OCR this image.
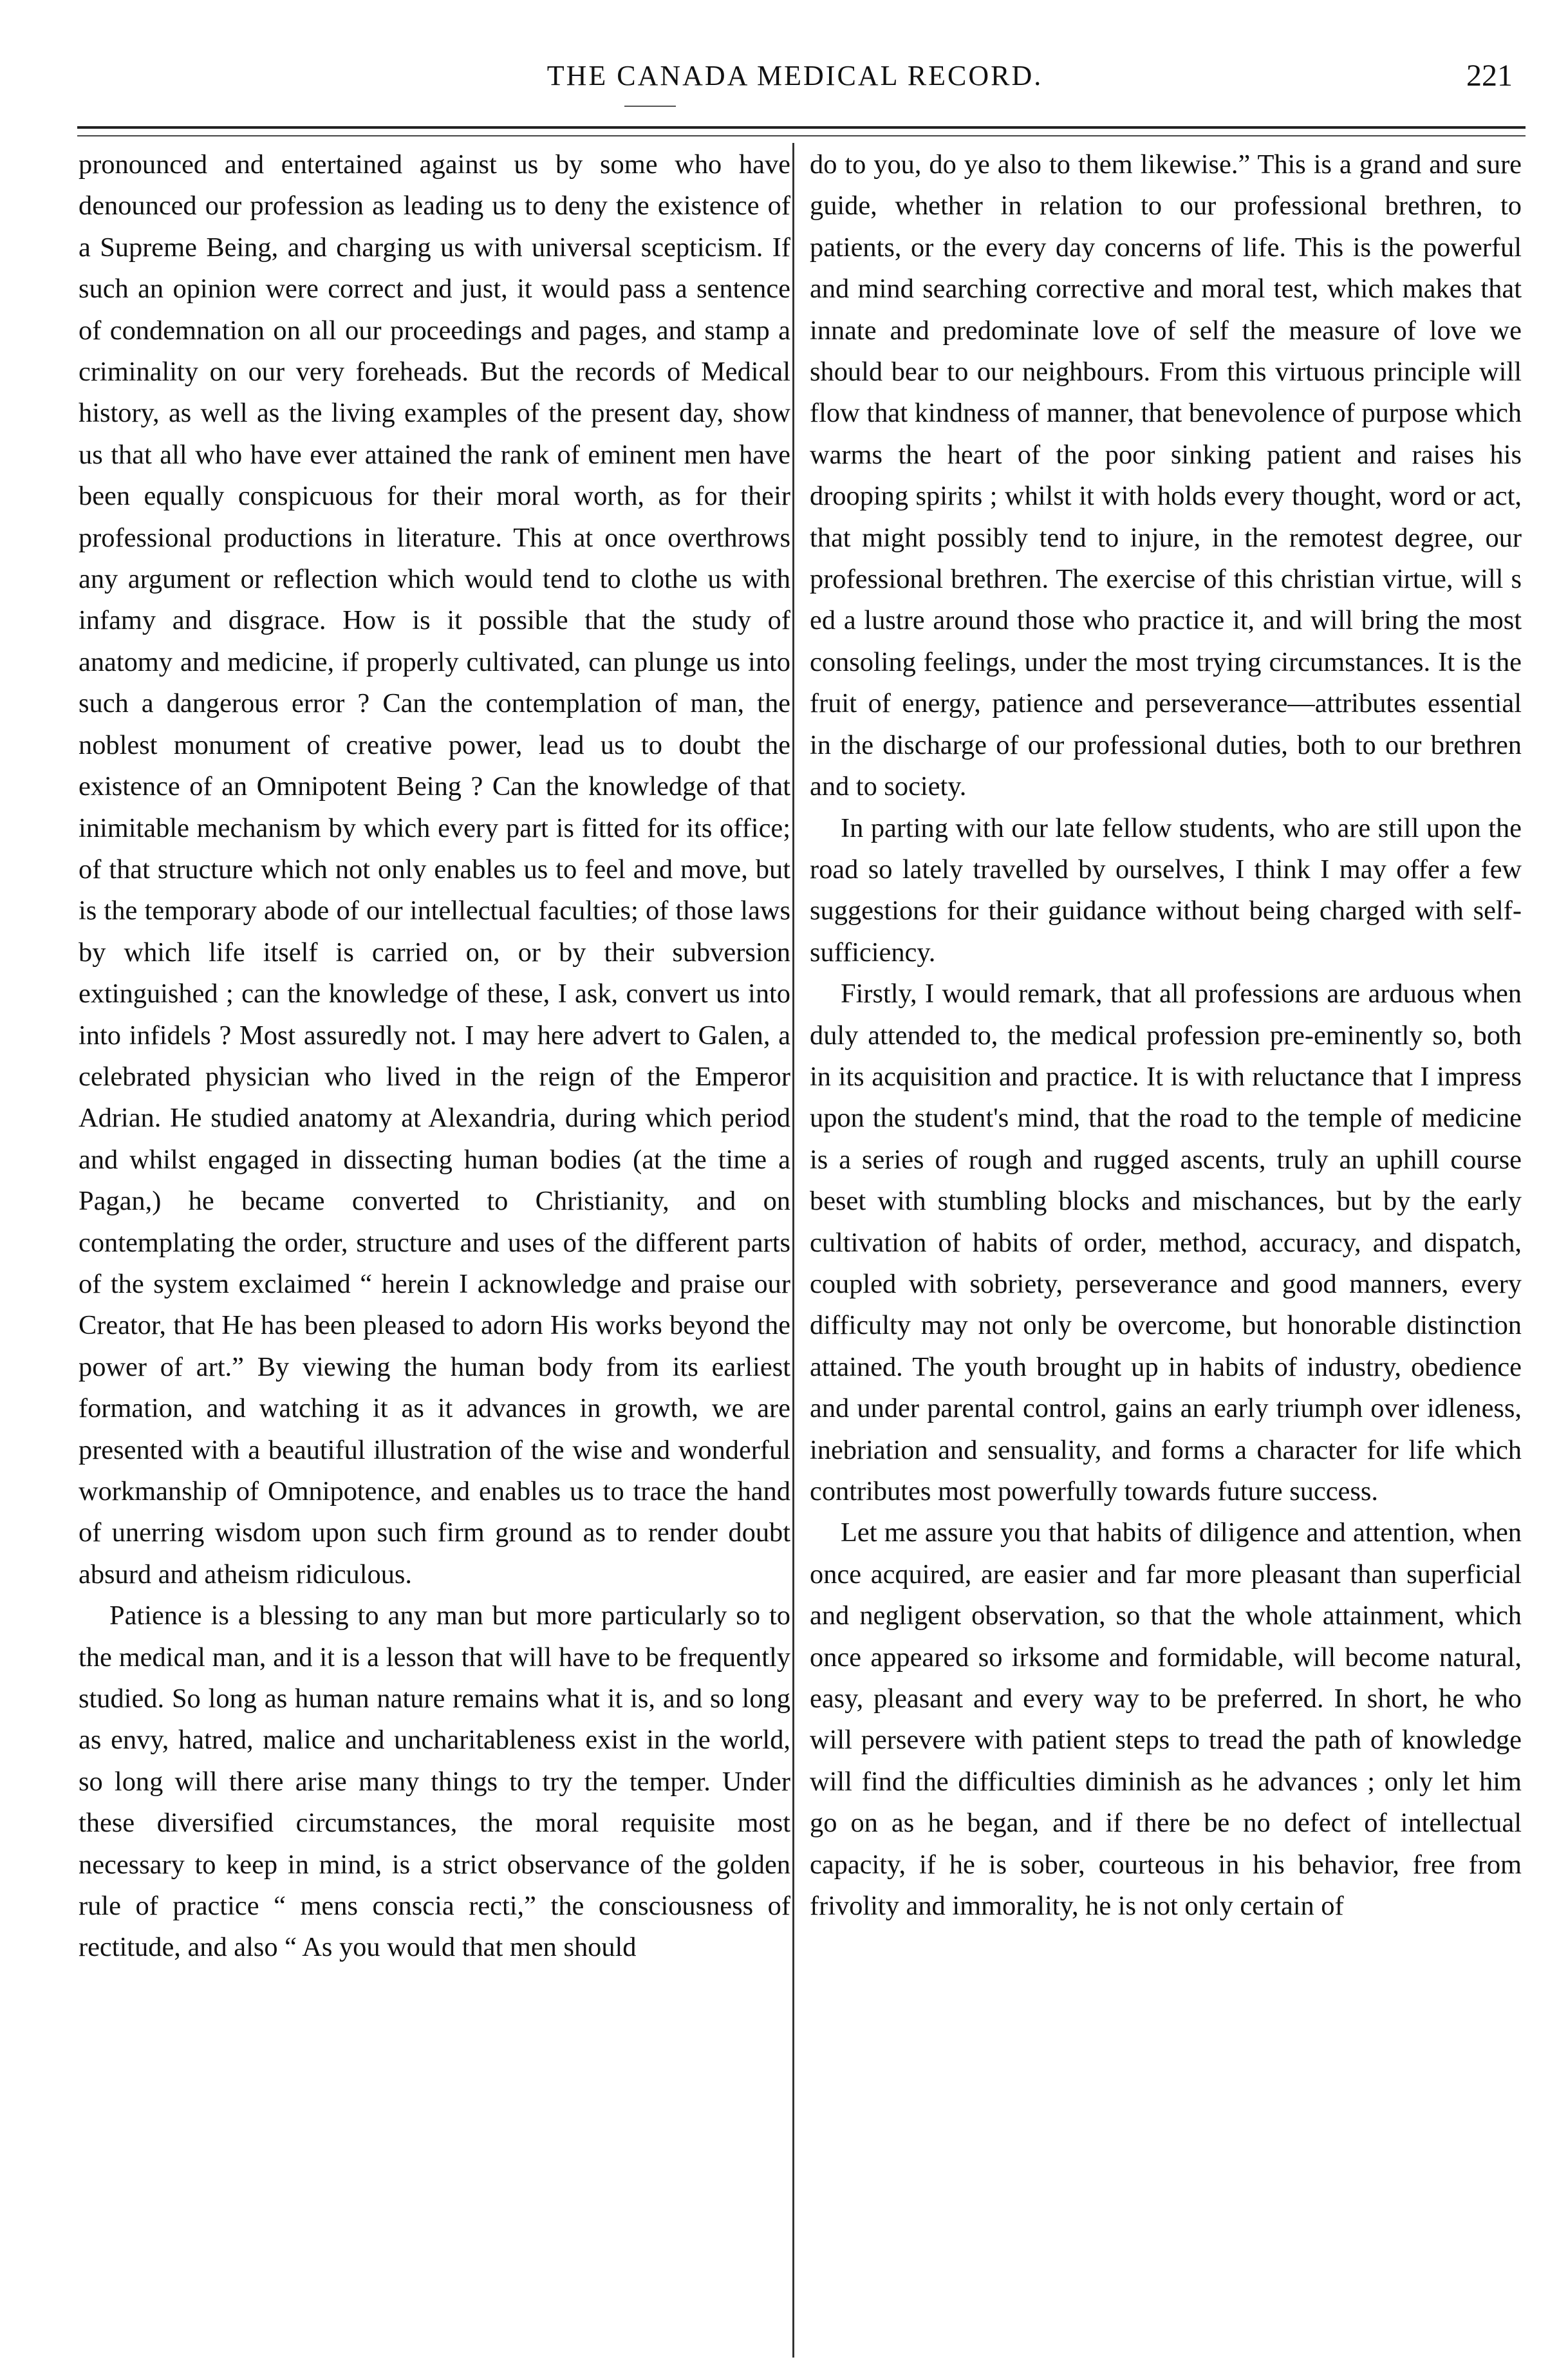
THE CANADA MEDICAL RECORD.	221

pronounced and entertained against us by some who have denounced our profession as leading us to deny the existence of a Supreme Being, and charging us with universal scepticism. If such an opinion were correct and just, it would pass a sentence of condemnation on all our proceedings and pages, and stamp a criminality on our very foreheads. But the records of Medical history, as well as the living examples of the present day, show us that all who have ever attained the rank of eminent men have been equally conspicuous for their moral worth, as for their professional productions in literature. This at once overthrows any argument or reflection which would tend to clothe us with infamy and disgrace. How is it possible that the study of anatomy and medicine, if properly cultivated, can plunge us into such a dangerous error ? Can the contemplation of man, the noblest monument of creative power, lead us to doubt the existence of an Omnipotent Being ? Can the knowledge of that inimitable mechanism by which every part is fitted for its office; of that structure which not only enables us to feel and move, but is the temporary abode of our intellectual faculties; of those laws by which life itself is carried on, or by their subversion extinguished ; can the knowledge of these, I ask, convert us into into infidels ? Most assuredly not. I may here advert to Galen, a celebrated physician who lived in the reign of the Emperor Adrian. He studied anatomy at Alexandria, during which period and whilst engaged in dissecting human bodies (at the time a Pagan,) he became converted to Christianity, and on contemplating the order, structure and uses of the different parts of the system exclaimed “ herein I acknowledge and praise our Creator, that He has been pleased to adorn His works beyond the power of art.” By viewing the human body from its earliest formation, and watching it as it advances in growth, we are presented with a beautiful illustration of the wise and wonderful workmanship of Omnipotence, and enables us to trace the hand of unerring wisdom upon such firm ground as to render doubt absurd and atheism ridiculous.

Patience is a blessing to any man but more particularly so to the medical man, and it is a lesson that will have to be frequently studied. So long as human nature remains what it is, and so long as envy, hatred, malice and uncharitableness exist in the world, so long will there arise many things to try the temper. Under these diversified circumstances, the moral requisite most necessary to keep in mind, is a strict observance of the golden rule of practice “ mens conscia recti,” the consciousness of rectitude, and also “ As you would that men should

do to you, do ye also to them likewise.” This is a grand and sure guide, whether in relation to our professional brethren, to patients, or the every day concerns of life. This is the powerful and mind searching corrective and moral test, which makes that innate and predominate love of self the measure of love we should bear to our neighbours. From this virtuous principle will flow that kindness of manner, that benevolence of purpose which warms the heart of the poor sinking patient and raises his drooping spirits ; whilst it with holds every thought, word or act, that might possibly tend to injure, in the remotest degree, our professional brethren. The exercise of this christian virtue, will s ed a lustre around those who practice it, and will bring the most consoling feelings, under the most trying circumstances. It is the fruit of energy, patience and perseverance—attributes essential in the discharge of our professional duties, both to our brethren and to society.

In parting with our late fellow students, who are still upon the road so lately travelled by ourselves, I think I may offer a few suggestions for their guidance without being charged with self-sufficiency.

Firstly, I would remark, that all professions are arduous when duly attended to, the medical profession pre-eminently so, both in its acquisition and practice. It is with reluctance that I impress upon the student's mind, that the road to the temple of medicine is a series of rough and rugged ascents, truly an uphill course beset with stumbling blocks and mischances, but by the early cultivation of habits of order, method, accuracy, and dispatch, coupled with sobriety, perseverance and good manners, every difficulty may not only be overcome, but honorable distinction attained. The youth brought up in habits of industry, obedience and under parental control, gains an early triumph over idleness, inebriation and sensuality, and forms a character for life which contributes most powerfully towards future success.

Let me assure you that habits of diligence and attention, when once acquired, are easier and far more pleasant than superficial and negligent observation, so that the whole attainment, which once appeared so irksome and formidable, will become natural, easy, pleasant and every way to be preferred. In short, he who will persevere with patient steps to tread the path of knowledge will find the difficulties diminish as he advances ; only let him go on as he began, and if there be no defect of intellectual capacity, if he is sober, courteous in his behavior, free from frivolity and immorality, he is not only certain of
